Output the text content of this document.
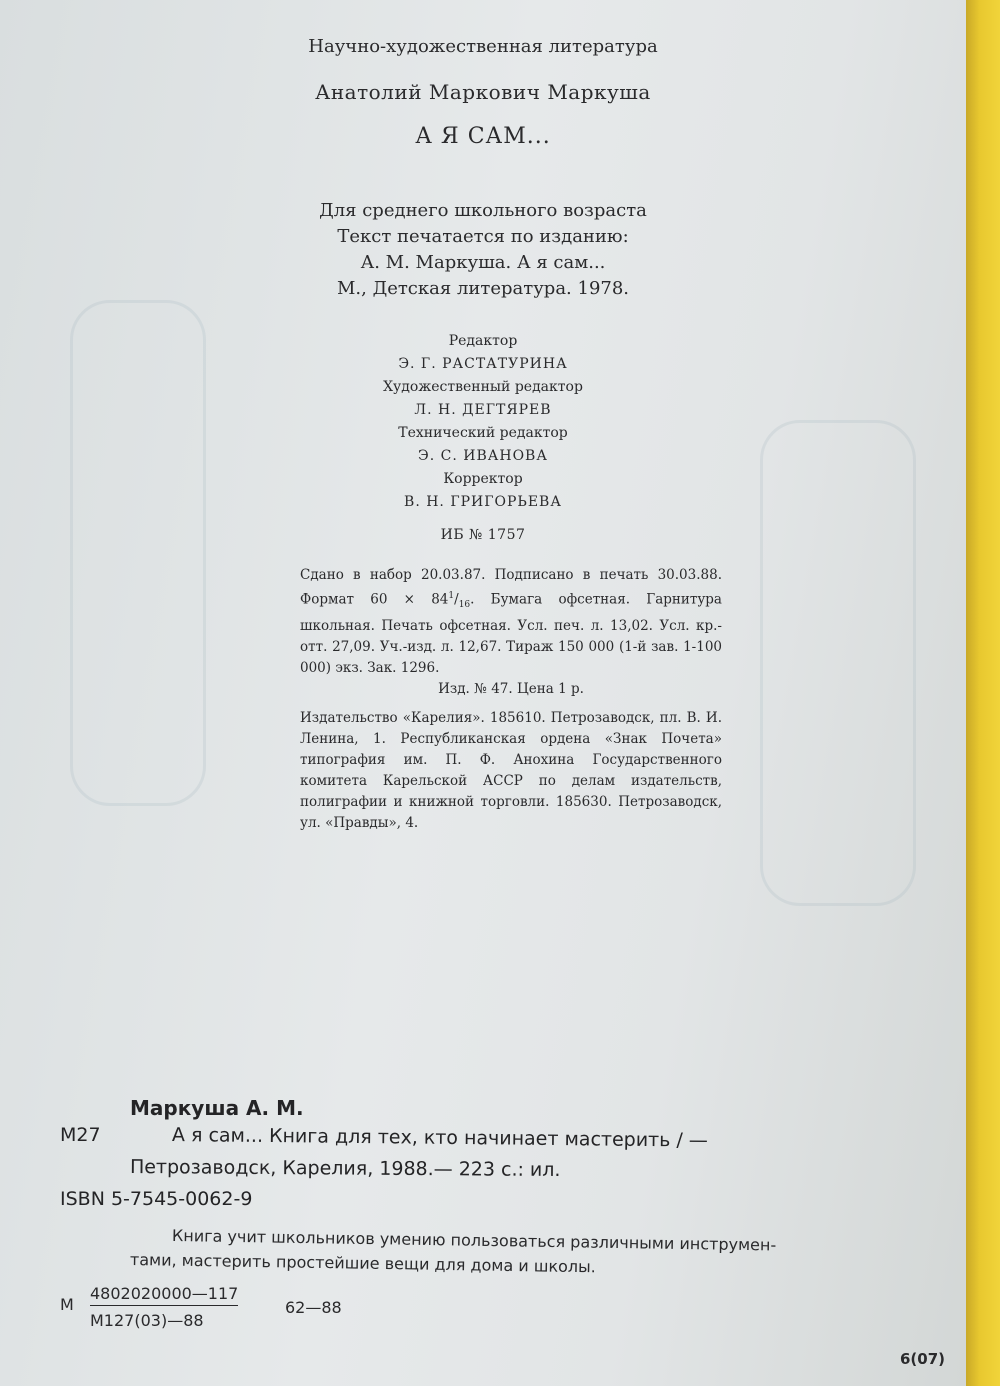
Научно-художественная литература
Анатолий Маркович Маркуша
А Я САМ...
Для среднего школьного возраста
Текст печатается по изданию:
А. М. Маркуша. А я сам...
М., Детская литература. 1978.
Редактор
Э. Г. РАСТАТУРИНА
Художественный редактор
Л. Н. ДЕГТЯРЕВ
Технический редактор
Э. С. ИВАНОВА
Корректор
В. Н. ГРИГОРЬЕВА
ИБ № 1757

Сдано в набор 20.03.87. Подписано в печать 30.03.88. Формат $60 \times 84^1/_{16}$. Бумага офсетная. Гарнитура школьная. Печать офсетная. Усл. печ. л. 13,02. Усл. кр.-отт. 27,09. Уч.-изд. л. 12,67. Тираж 150 000 (1-й зав. 1-100 000) экз. Зак. 1296.

Изд. № 47. Цена 1 р.

Издательство «Карелия». 185610. Петрозаводск, пл. В. И. Ленина, 1. Республиканская ордена «Знак Почета» типография им. П. Ф. Анохина Государственного комитета Карельской АССР по делам издательств, полиграфии и книжной торговли. 185630. Петрозаводск, ул. «Правды», 4.

Маркуша А. М.
М27	А я сам... Книга для тех, кто начинает мастерить / —
Петрозаводск, Карелия, 1988.— 223 с.: ил.
ISBN 5-7545-0062-9
Книга учит школьников умению пользоваться различными инструмен-
тами, мастерить простейшие вещи для дома и школы.
М
4802020000—117
М127(03)—88
62—88
6(07)
